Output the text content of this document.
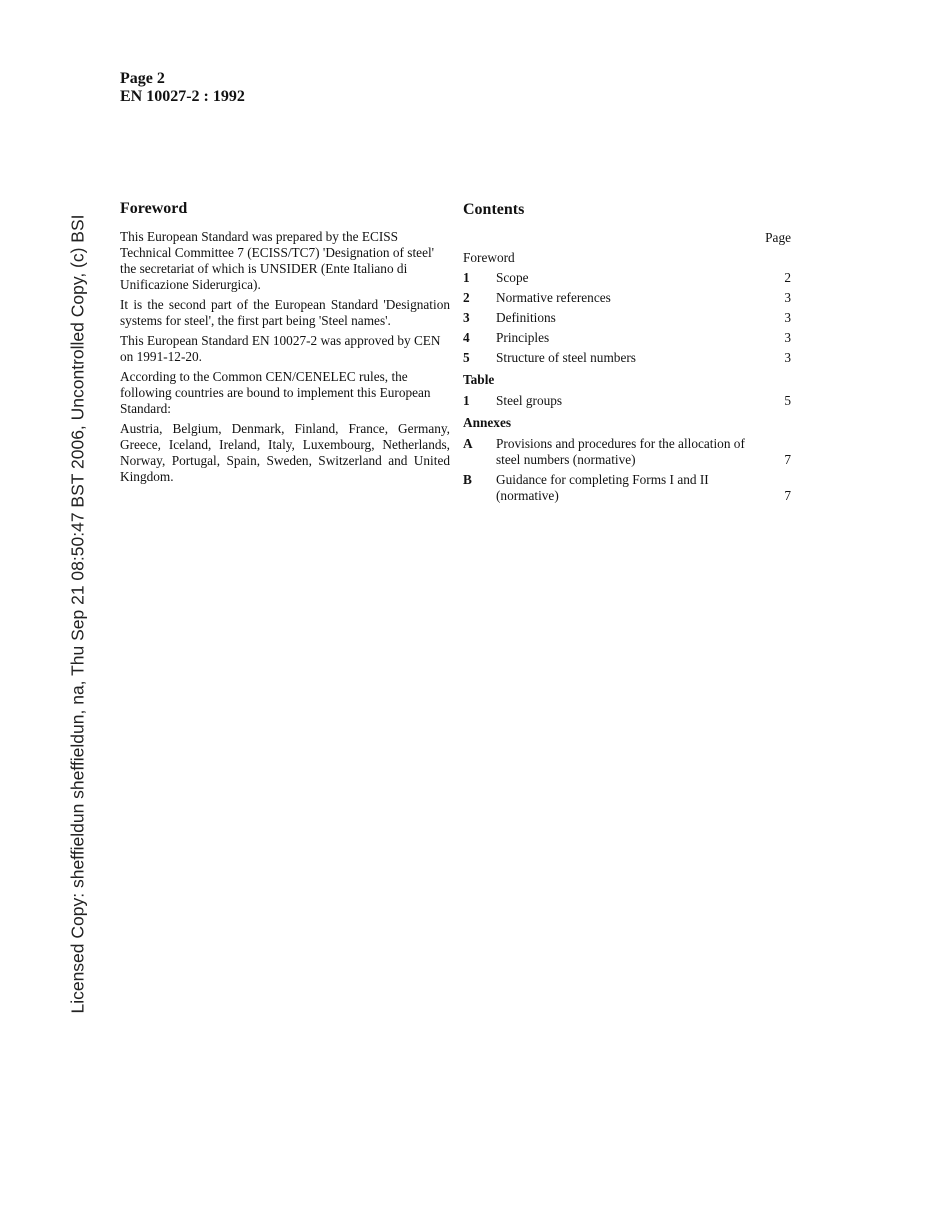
Licensed Copy: sheffieldun sheffieldun, na, Thu Sep 21 08:50:47 BST 2006, Uncontrolled Copy, (c) BSI
Page 2
EN 10027-2 : 1992
Foreword

This European Standard was prepared by the ECISS Technical Committee 7 (ECISS/TC7) 'Designation of steel' the secretariat of which is UNSIDER (Ente Italiano di Unificazione Siderurgica).

It is the second part of the European Standard 'Designation systems for steel', the first part being 'Steel names'.

This European Standard EN 10027-2 was approved by CEN on 1991-12-20.

According to the Common CEN/CENELEC rules, the following countries are bound to implement this European Standard:

Austria, Belgium, Denmark, Finland, France, Germany, Greece, Iceland, Ireland, Italy, Luxembourg, Netherlands, Norway, Portugal, Spain, Sweden, Switzerland and United Kingdom.

Contents
Page
Foreword
1	Scope	2
2	Normative references	3
3	Definitions	3
4	Principles	3
5	Structure of steel numbers	3
Table
1	Steel groups	5
Annexes
A	Provisions and procedures for the allocation of steel numbers (normative)	7
B	Guidance for completing Forms I and II (normative)	7
